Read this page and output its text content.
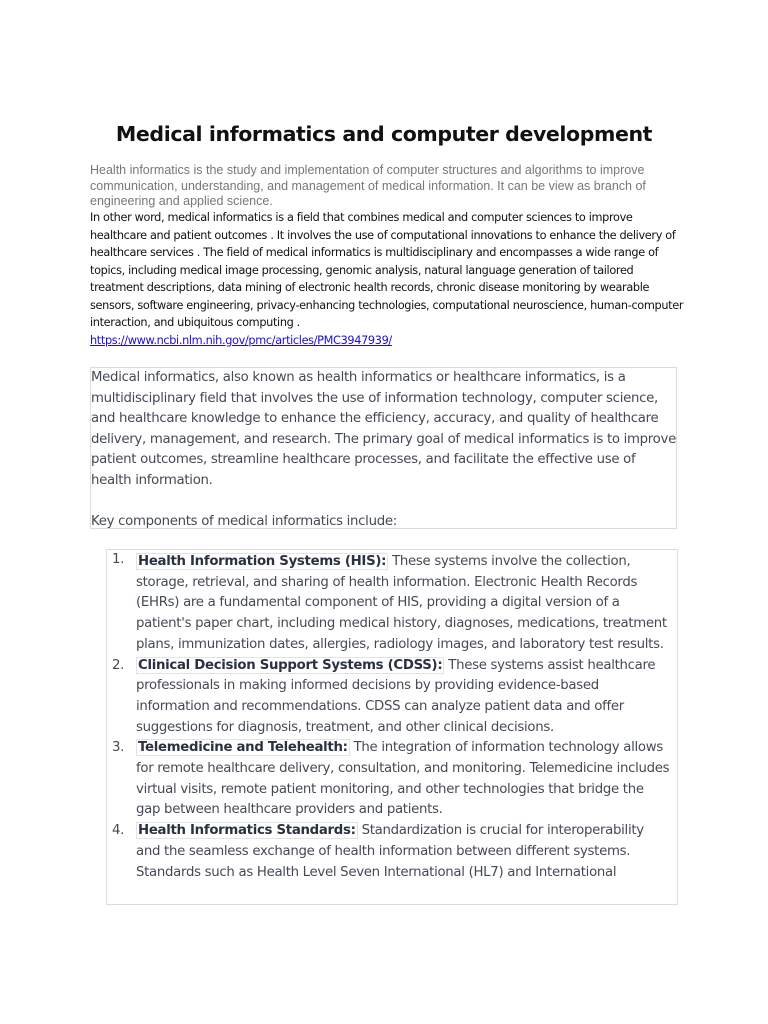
Medical informatics and computer development
Health informatics is the study and implementation of computer structures and algorithms to improve communication, understanding, and management of medical information. It can be view as branch of engineering and applied science.
In other word, medical informatics is a field that combines medical and computer sciences to improve healthcare and patient outcomes . It involves the use of computational innovations to enhance the delivery of healthcare services . The field of medical informatics is multidisciplinary and encompasses a wide range of topics, including medical image processing, genomic analysis, natural language generation of tailored treatment descriptions, data mining of electronic health records, chronic disease monitoring by wearable sensors, software engineering, privacy-enhancing technologies, computational neuroscience, human-computer interaction, and ubiquitous computing .
https://www.ncbi.nlm.nih.gov/pmc/articles/PMC3947939/

Medical informatics, also known as health informatics or healthcare informatics, is a multidisciplinary field that involves the use of information technology, computer science, and healthcare knowledge to enhance the efficiency, accuracy, and quality of healthcare delivery, management, and research. The primary goal of medical informatics is to improve patient outcomes, streamline healthcare processes, and facilitate the effective use of health information.

Key components of medical informatics include:

1. Health Information Systems (HIS): These systems involve the collection, storage, retrieval, and sharing of health information. Electronic Health Records (EHRs) are a fundamental component of HIS, providing a digital version of a patient's paper chart, including medical history, diagnoses, medications, treatment plans, immunization dates, allergies, radiology images, and laboratory test results.
2. Clinical Decision Support Systems (CDSS): These systems assist healthcare professionals in making informed decisions by providing evidence-based information and recommendations. CDSS can analyze patient data and offer suggestions for diagnosis, treatment, and other clinical decisions.
3. Telemedicine and Telehealth: The integration of information technology allows for remote healthcare delivery, consultation, and monitoring. Telemedicine includes virtual visits, remote patient monitoring, and other technologies that bridge the gap between healthcare providers and patients.
4. Health Informatics Standards: Standardization is crucial for interoperability and the seamless exchange of health information between different systems. Standards such as Health Level Seven International (HL7) and International
